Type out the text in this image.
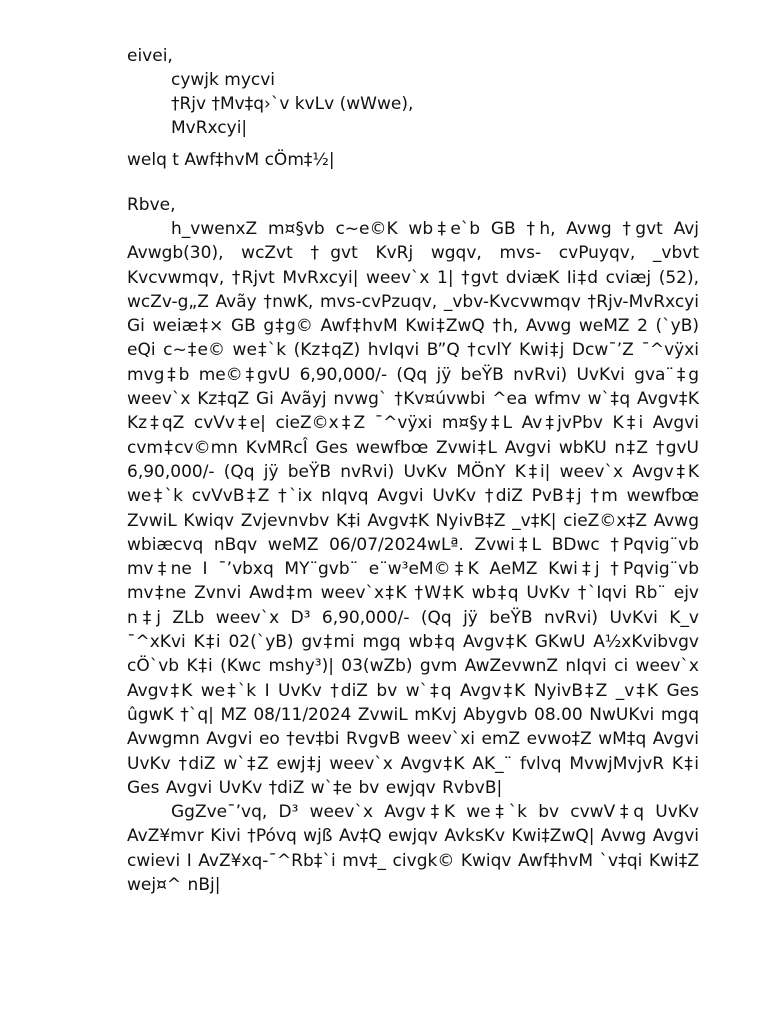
eivei,

cywjk mycvi

†Rjv †Mv‡q›`v kvLv (wWwe),

MvRxcyi|

welq t Awf‡hvM cÖm‡½|

Rbve,

h_vwenxZ m¤§vb c~e©K wb‡e`b GB †h, Avwg †gvt Avj Avwgb(30), wcZvt †gvt KvRj wgqv, mvs- cvPuyqv, _vbvt Kvcvwmqv, †Rjvt MvRxcyi| weev`x 1| †gvt dviæK Ii‡d cviæj (52), wcZv-g„Z Avãy †nwK, mvs-cvPzuqv, _vbv-Kvcvwmqv †Rjv-MvRxcyi Gi weiæ‡× GB g‡g© Awf‡hvM Kwi‡ZwQ †h, Avwg weMZ 2 (`yB) eQi c~‡e© we‡`k (Kz‡qZ) hvIqvi B”Q †cvlY Kwi‡j Dcw¯’Z ¯^vÿxi mvg‡b me©‡gvU 6,90,000/- (Qq jÿ beŸB nvRvi) UvKvi gva¨‡g weev`x Kz‡qZ Gi Avãyj nvwg` †Kv¤úvwbi ^ea wfmv w`‡q Avgv‡K Kz‡qZ cvVv‡e| cieZ©x‡Z ¯^vÿxi m¤§y‡L Av‡jvPbv K‡i Avgvi cvm‡cv©mn KvMRcÎ Ges wewfbœ Zvwi‡L Avgvi wbKU n‡Z †gvU 6,90,000/- (Qq jÿ beŸB nvRvi) UvKv MÖnY K‡i| weev`x Avgv‡K we‡`k cvVvB‡Z †`ix nIqvq Avgvi UvKv †diZ PvB‡j †m wewfbœ ZvwiL Kwiqv Zvjevnvbv K‡i Avgv‡K NyivB‡Z _v‡K| cieZ©x‡Z Avwg wbiæcvq nBqv weMZ 06/07/2024wLª. Zvwi‡L BDwc †Pqvig¨vb mv‡ne I ¯’vbxq MY¨gvb¨ e¨w³eM©‡K AeMZ Kwi‡j †Pqvig¨vb mv‡ne Zvnvi Awd‡m weev`x‡K †W‡K wb‡q UvKv †`Iqvi Rb¨ ejv n‡j ZLb weev`x D³ 6,90,000/- (Qq jÿ beŸB nvRvi) UvKvi K_v ¯^xKvi K‡i 02(`yB) gv‡mi mgq wb‡q Avgv‡K GKwU A½xKvibvgv cÖ`vb K‡i (Kwc mshy³)| 03(wZb) gvm AwZevwnZ nIqvi ci weev`x Avgv‡K we‡`k I UvKv †diZ bv w`‡q Avgv‡K NyivB‡Z _v‡K Ges ûgwK †`q| MZ 08/11/2024 ZvwiL mKvj Abygvb 08.00 NwUKvi mgq Avwgmn Avgvi eo †ev‡bi RvgvB weev`xi emZ evwo‡Z wM‡q Avgvi UvKv †diZ w`‡Z ewj‡j weev`x Avgv‡K AK_¨ fvlvq MvwjMvjvR K‡i Ges Avgvi UvKv †diZ w`‡e bv ewjqv RvbvB|

GgZve¯’vq, D³ weev`x Avgv‡K we‡`k bv cvwV‡q UvKv AvZ¥mvr Kivi †Póvq wjß Av‡Q ewjqv AvksKv Kwi‡ZwQ| Avwg Avgvi cwievi I AvZ¥xq-¯^Rb‡`i mv‡_ civgk© Kwiqv Awf‡hvM `v‡qi Kwi‡Z wej¤^ nBj|
